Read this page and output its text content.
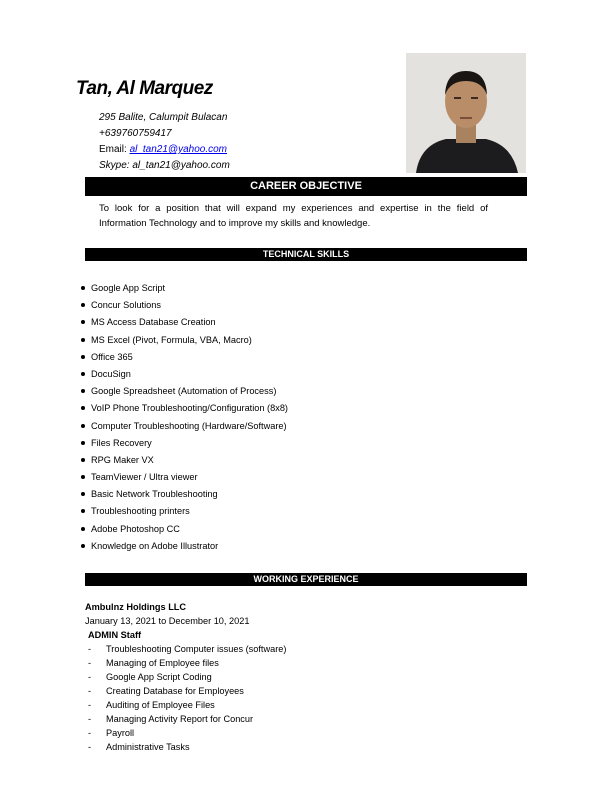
Tan, Al Marquez
295 Balite, Calumpit Bulacan
+639760759417
Email: al_tan21@yahoo.com
Skype: al_tan21@yahoo.com
CAREER OBJECTIVE
To look for a position that will expand my experiences and expertise in the field of Information Technology and to improve my skills and knowledge.
TECHNICAL SKILLS
Google App Script
Concur Solutions
MS Access Database Creation
MS Excel (Pivot, Formula, VBA, Macro)
Office 365
DocuSign
Google Spreadsheet (Automation of Process)
VoIP Phone Troubleshooting/Configuration (8x8)
Computer Troubleshooting (Hardware/Software)
Files Recovery
RPG Maker VX
TeamViewer / Ultra viewer
Basic Network Troubleshooting
Troubleshooting printers
Adobe Photoshop CC
Knowledge on Adobe Illustrator
WORKING EXPERIENCE
Ambulnz Holdings LLC
January 13, 2021 to December 10, 2021
ADMIN Staff
- Troubleshooting Computer issues (software)
- Managing of Employee files
- Google App Script Coding
- Creating Database for Employees
- Auditing of Employee Files
- Managing Activity Report for Concur
- Payroll
- Administrative Tasks
